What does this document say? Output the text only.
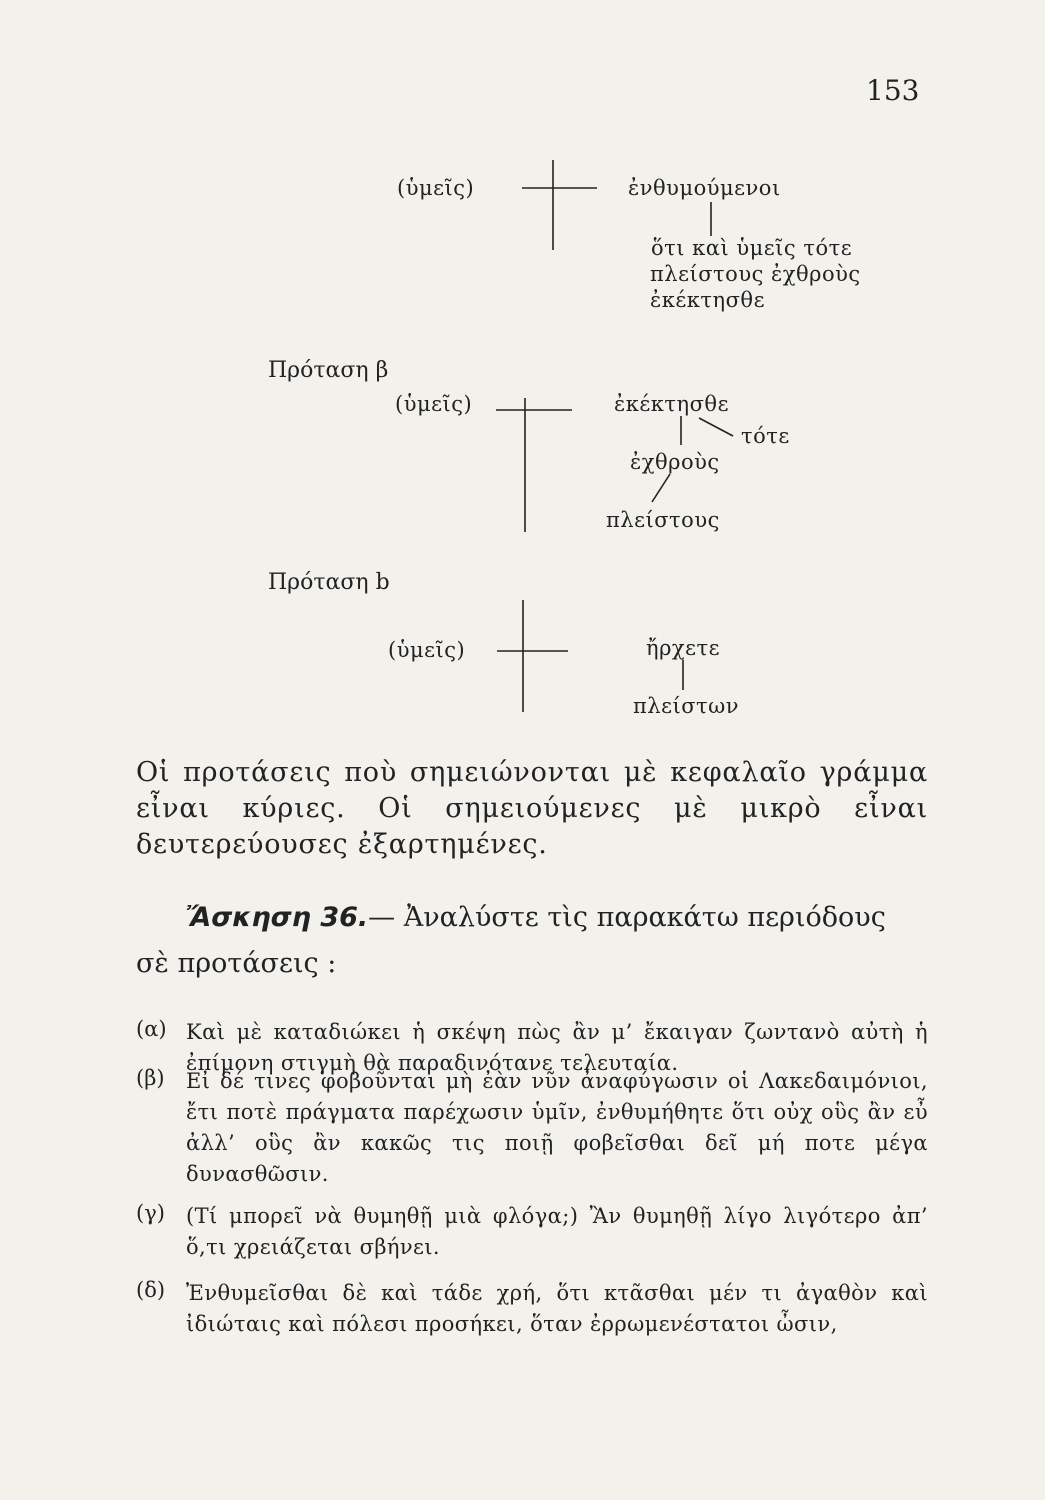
153
(ὑμεῖς)	ἐνθυμούμενοι
ὅτι καὶ ὑμεῖς τότε
πλείστους ἐχθροὺς
ἐκέκτησθε
Πρόταση β
(ὑμεῖς)	ἐκέκτησθε
τότε
ἐχθροὺς
πλείστους
Πρόταση b
(ὑμεῖς)	ἤρχετε
πλείστων
Οἱ προτάσεις ποὺ σημειώνονται μὲ κεφαλαῖο γράμμα εἶναι κύριες. Οἱ σημειούμενες μὲ μικρὸ εἶναι δευτερεύουσες ἐξαρτημένες.
Ἄσκηση 36.— Ἀναλύστε τὶς παρακάτω περιόδους
σὲ προτάσεις :
(α) Καὶ μὲ καταδιώκει ἡ σκέψη πὼς ἂν μ’ ἔκαιγαν ζωντανὸ αὐτὴ ἡ ἐπίμονη στιγμὴ θὰ παραδινότανε τελευταία.
(β) Εἰ δέ τινες φοβοῦνται μὴ ἐὰν νῦν ἀναφύγωσιν οἱ Λακεδαιμόνιοι, ἔτι ποτὲ πράγματα παρέχωσιν ὑμῖν, ἐνθυμήθητε ὅτι οὐχ οὓς ἂν εὖ ἀλλ’ οὓς ἂν κακῶς τις ποιῇ φοβεῖσθαι δεῖ μή ποτε μέγα δυνασθῶσιν.
(γ) (Τί μπορεῖ νὰ θυμηθῇ μιὰ φλόγα;) Ἂν θυμηθῇ λίγο λιγότερο ἀπ’ ὅ,τι χρειάζεται σβήνει.
(δ) Ἐνθυμεῖσθαι δὲ καὶ τάδε χρή, ὅτι κτᾶσθαι μέν τι ἀγαθὸν καὶ ἰδιώταις καὶ πόλεσι προσήκει, ὅταν ἐρρωμενέστατοι ὦσιν,
